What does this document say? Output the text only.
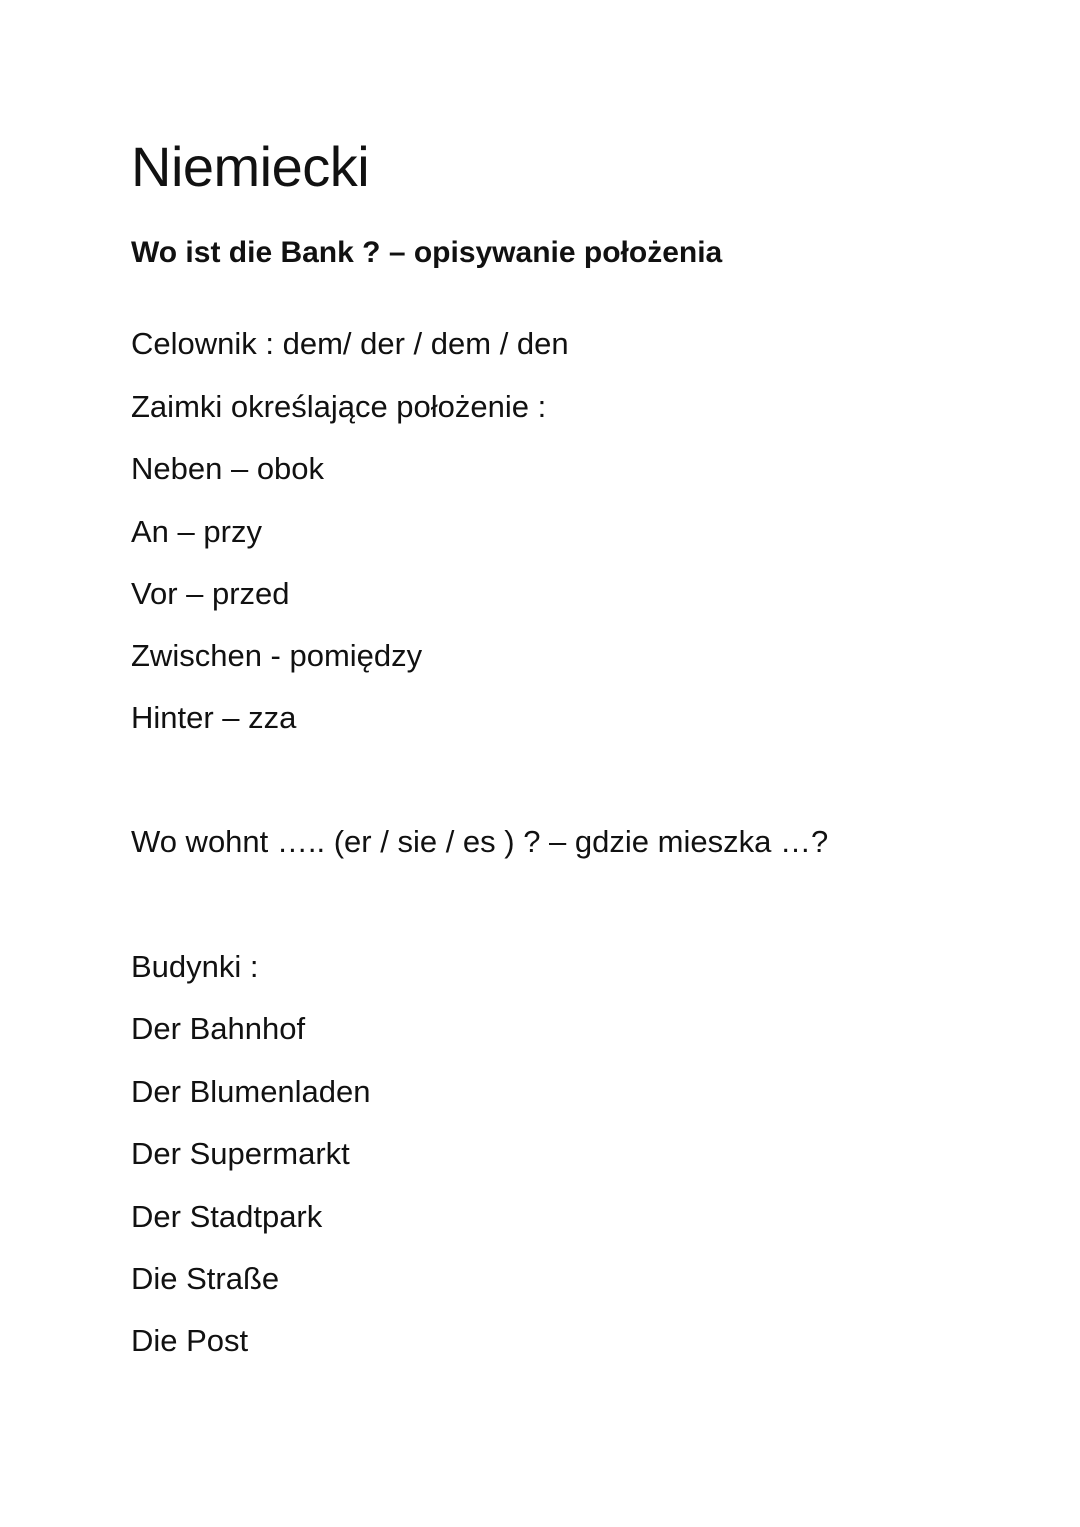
Niemiecki
Wo ist die Bank ? – opisywanie położenia
Celownik : dem/ der / dem / den
Zaimki określające położenie :
Neben – obok
An – przy
Vor – przed
Zwischen - pomiędzy
Hinter – zza
Wo wohnt ….. (er / sie / es ) ? – gdzie mieszka …?
Budynki :
Der Bahnhof
Der Blumenladen
Der Supermarkt
Der Stadtpark
Die Straße
Die Post
